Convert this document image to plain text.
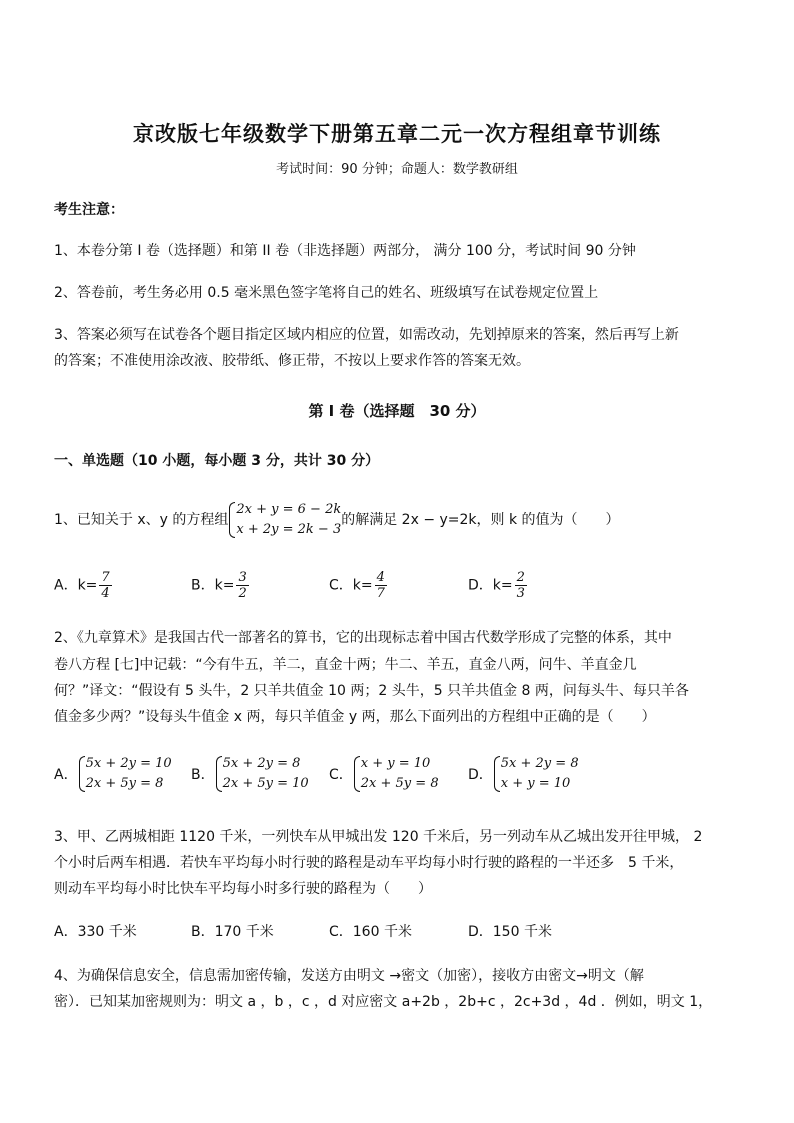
京改版七年级数学下册第五章二元一次方程组章节训练
考试时间：90 分钟；命题人：数学教研组
考生注意：
1、本卷分第 I 卷（选择题）和第 II 卷（非选择题）两部分， 满分 100 分，考试时间 90 分钟
2、答卷前，考生务必用 0.5 毫米黑色签字笔将自己的姓名、班级填写在试卷规定位置上
3、答案必须写在试卷各个题目指定区域内相应的位置，如需改动，先划掉原来的答案，然后再写上新
的答案；不准使用涂改液、胶带纸、修正带，不按以上要求作答的答案无效。
第 I 卷（选择题　30 分）
一、单选题（10 小题，每小题 3 分，共计 30 分）
1、已知关于 x、y 的方程组
2x + y = 6 − 2k
x + 2y = 2k − 3
的解满足 2x − y=2k，则 k 的值为（　　）
A．$k= \frac{7}{4}$	B．$k= \frac{3}{2}$	C．$k= \frac{4}{7}$	D．$k= \frac{2}{3}$
2、《九章算术》是我国古代一部著名的算书，它的出现标志着中国古代数学形成了完整的体系，其中
卷八方程 [七]中记载：“今有牛五，羊二，直金十两；牛二、羊五，直金八两，问牛、羊直金几
何？”译文：“假设有 5 头牛，2 只羊共值金 10 两；2 头牛，5 只羊共值金 8 两，问每头牛、每只羊各
值金多少两？”设每头牛值金 x 两，每只羊值金 y 两，那么下面列出的方程组中正确的是（　　）
A．
5x + 2y = 10
2x + 5y = 8
B．
5x + 2y = 8
2x + 5y = 10
C．
x + y = 10
2x + 5y = 8
D．
5x + 2y = 8
x + y = 10
3、甲、乙两城相距 1120 千米，一列快车从甲城出发 120 千米后，另一列动车从乙城出发开往甲城， 2
个小时后两车相遇．若快车平均每小时行驶的路程是动车平均每小时行驶的路程的一半还多　5 千米，
则动车平均每小时比快车平均每小时多行驶的路程为（　　）
A．330 千米	B．170 千米	C．160 千米	D．150 千米
4、为确保信息安全，信息需加密传输，发送方由明文 →密文（加密），接收方由密文→明文（解
密）．已知某加密规则为：明文 a ，b ，c ，d 对应密文 a+2b ，2b+c ，2c+3d ，4d ．例如，明文 1，
